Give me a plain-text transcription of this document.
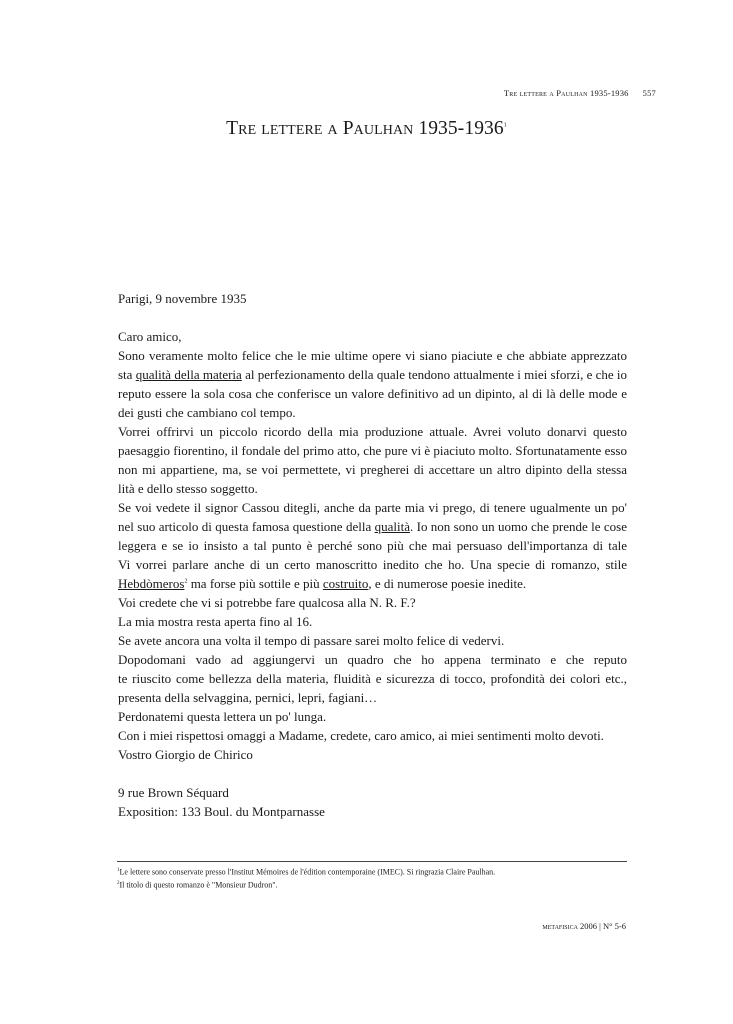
Tre lettere a Paulhan 1935-1936 557
Tre lettere a Paulhan 1935-1936$^1$
Parigi, 9 novembre 1935
Caro amico,
Sono veramente molto felice che le mie ultime opere vi siano piaciute e che abbiate apprezzato
sta qualità della materia al perfezionamento della quale tendono attualmente i miei sforzi, e che io
reputo essere la sola cosa che conferisce un valore definitivo ad un dipinto, al di là delle mode e
dei gusti che cambiano col tempo.
Vorrei offrirvi un piccolo ricordo della mia produzione attuale. Avrei voluto donarvi questo
paesaggio fiorentino, il fondale del primo atto, che pure vi è piaciuto molto. Sfortunatamente esso
non mi appartiene, ma, se voi permettete, vi pregherei di accettare un altro dipinto della stessa
lità e dello stesso soggetto.
Se voi vedete il signor Cassou ditegli, anche da parte mia vi prego, di tenere ugualmente un po'
nel suo articolo di questa famosa questione della qualità. Io non sono un uomo che prende le cose
leggera e se io insisto a tal punto è perché sono più che mai persuaso dell'importanza di tale
Vi vorrei parlare anche di un certo manoscritto inedito che ho. Una specie di romanzo, stile
Hebdòmeros$^2$ ma forse più sottile e più costruito, e di numerose poesie inedite.
Voi credete che vi si potrebbe fare qualcosa alla N. R. F.?
La mia mostra resta aperta fino al 16.
Se avete ancora una volta il tempo di passare sarei molto felice di vedervi.
Dopodomani vado ad aggiungervi un quadro che ho appena terminato e che reputo
te riuscito come bellezza della materia, fluidità e sicurezza di tocco, profondità dei colori etc.,
presenta della selvaggina, pernici, lepri, fagiani…
Perdonatemi questa lettera un po' lunga.
Con i miei rispettosi omaggi a Madame, credete, caro amico, ai miei sentimenti molto devoti.
Vostro Giorgio de Chirico
9 rue Brown Séquard
Exposition: 133 Boul. du Montparnasse
$^1$Le lettere sono conservate presso l'Institut Mémoires de l'édition contemporaine (IMEC). Si ringrazia Claire Paulhan.
$^2$Il titolo di questo romanzo è "Monsieur Dudron".
metafisica 2006 | N° 5-6
